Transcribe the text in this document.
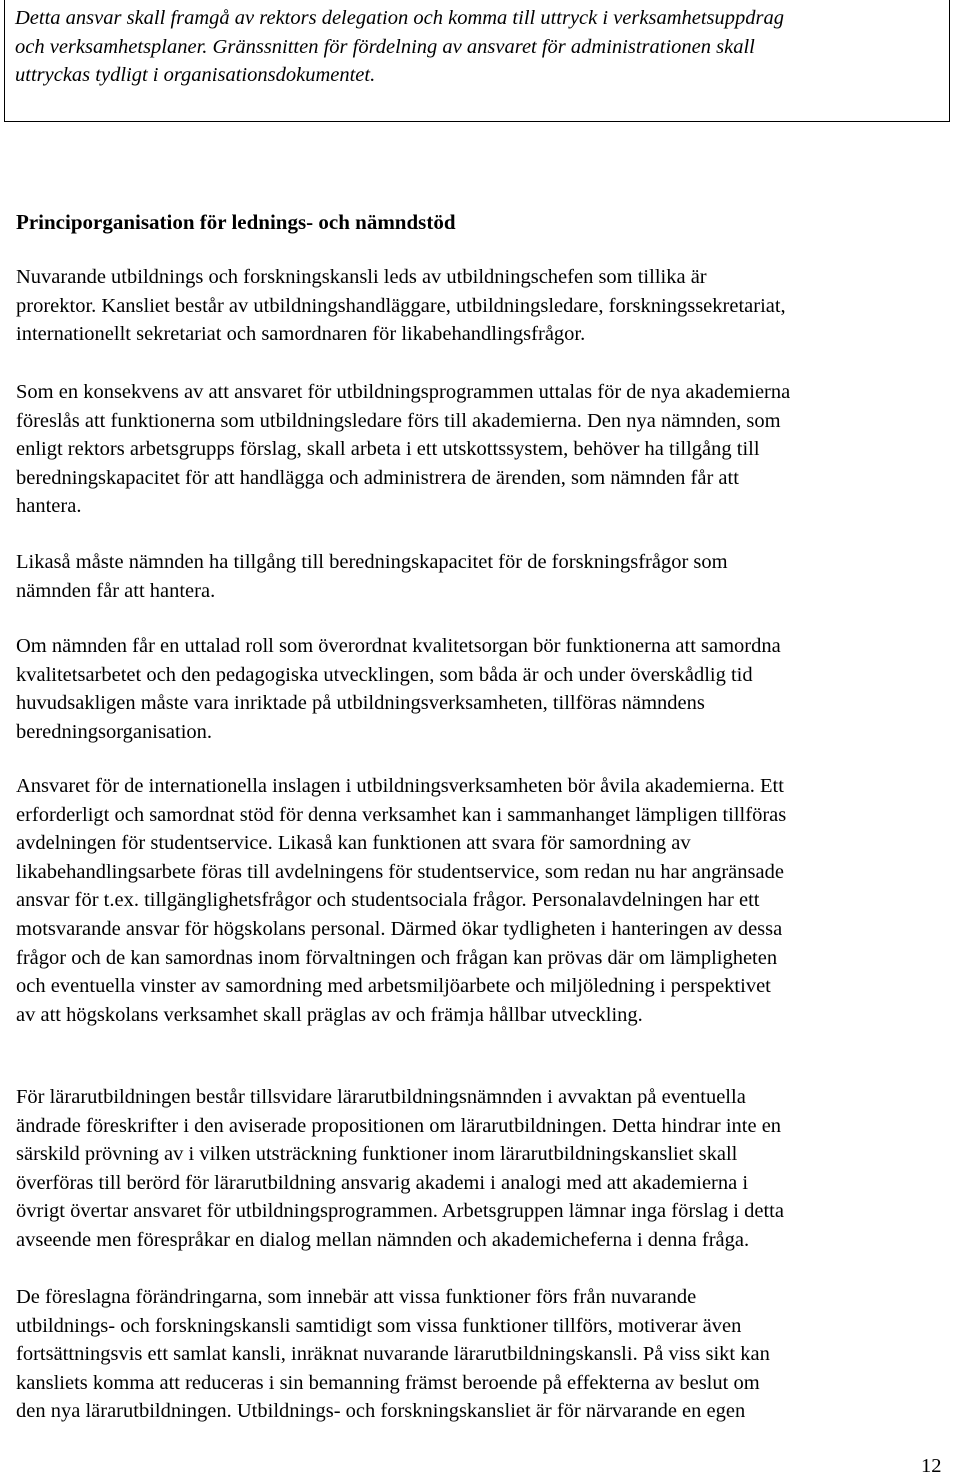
Detta ansvar skall framgå av rektors delegation och komma till uttryck i verksamhetsuppdrag
och verksamhetsplaner. Gränssnitten för fördelning av ansvaret för administrationen skall
uttryckas tydligt i organisationsdokumentet.
Principorganisation för lednings- och nämndstöd

Nuvarande utbildnings och forskningskansli leds av utbildningschefen som tillika är
prorektor. Kansliet består av utbildningshandläggare, utbildningsledare, forskningssekretariat,
internationellt sekretariat och samordnaren för likabehandlingsfrågor.

Som en konsekvens av att ansvaret för utbildningsprogrammen uttalas för de nya akademierna
föreslås att funktionerna som utbildningsledare förs till akademierna. Den nya nämnden, som
enligt rektors arbetsgrupps förslag, skall arbeta i ett utskottssystem, behöver ha tillgång till
beredningskapacitet för att handlägga och administrera de ärenden, som nämnden får att
hantera.

Likaså måste nämnden ha tillgång till beredningskapacitet för de forskningsfrågor som
nämnden får att hantera.

Om nämnden får en uttalad roll som överordnat kvalitetsorgan bör funktionerna att samordna
kvalitetsarbetet och den pedagogiska utvecklingen, som båda är och under överskådlig tid
huvudsakligen måste vara inriktade på utbildningsverksamheten, tillföras nämndens
beredningsorganisation.

Ansvaret för de internationella inslagen i utbildningsverksamheten bör åvila akademierna. Ett
erforderligt och samordnat stöd för denna verksamhet kan i sammanhanget lämpligen tillföras
avdelningen för studentservice. Likaså kan funktionen att svara för samordning av
likabehandlingsarbete föras till avdelningens för studentservice, som redan nu har angränsade
ansvar för t.ex. tillgänglighetsfrågor och studentsociala frågor. Personalavdelningen har ett
motsvarande ansvar för högskolans personal. Därmed ökar tydligheten i hanteringen av dessa
frågor och de kan samordnas inom förvaltningen och frågan kan prövas där om lämpligheten
och eventuella vinster av samordning med arbetsmiljöarbete och miljöledning i perspektivet
av att högskolans verksamhet skall präglas av och främja hållbar utveckling.

För lärarutbildningen består tillsvidare lärarutbildningsnämnden i avvaktan på eventuella
ändrade föreskrifter i den aviserade propositionen om lärarutbildningen. Detta hindrar inte en
särskild prövning av i vilken utsträckning funktioner inom lärarutbildningskansliet skall
överföras till berörd för lärarutbildning ansvarig akademi i analogi med att akademierna i
övrigt övertar ansvaret för utbildningsprogrammen. Arbetsgruppen lämnar inga förslag i detta
avseende men förespråkar en dialog mellan nämnden och akademicheferna i denna fråga.

De föreslagna förändringarna, som innebär att vissa funktioner förs från nuvarande
utbildnings- och forskningskansli samtidigt som vissa funktioner tillförs, motiverar även
fortsättningsvis ett samlat kansli, inräknat nuvarande lärarutbildningskansli. På viss sikt kan
kansliets komma att reduceras i sin bemanning främst beroende på effekterna av beslut om
den nya lärarutbildningen. Utbildnings- och forskningskansliet är för närvarande en egen

12
